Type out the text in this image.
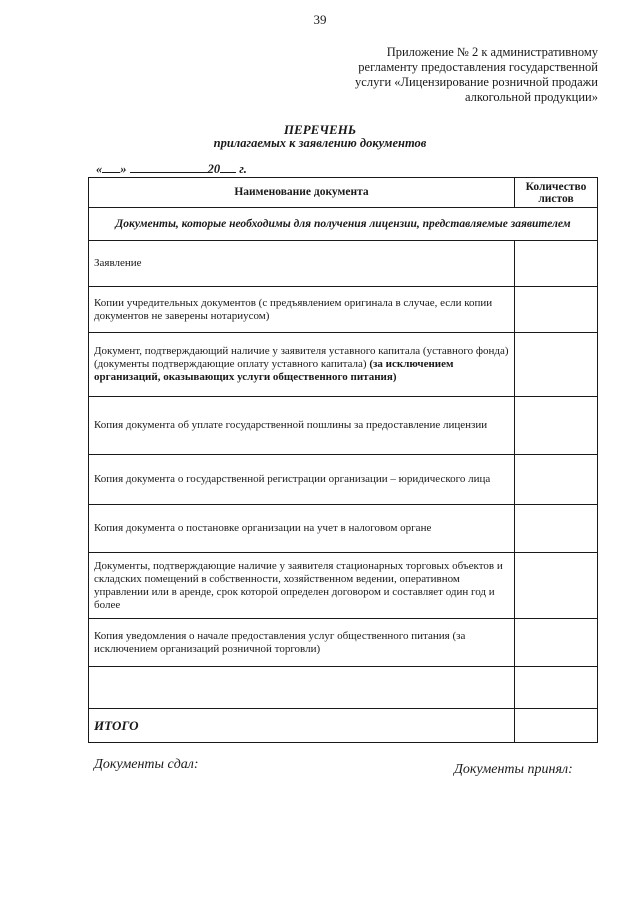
39
Приложение № 2 к административному
регламенту предоставления государственной
услуги «Лицензирование розничной продажи
алкогольной продукции»
ПЕРЕЧЕНЬ
прилагаемых к заявлению документов
« »	20 г.
Наименование документа	Количество листов
Документы, которые необходимы для получения лицензии, представляемые заявителем	
Заявление	
Копии учредительных документов (с предъявлением оригинала в случае, если копии документов не заверены нотариусом)	
Документ, подтверждающий наличие у заявителя уставного капитала (уставного фонда) (документы подтверждающие оплату уставного капитала) (за исключением организаций, оказывающих услуги общественного питания)	
Копия документа об уплате государственной пошлины за предоставление лицензии	
Копия документа о государственной регистрации организации – юридического лица	
Копия документа о постановке организации на учет в налоговом органе	
Документы, подтверждающие наличие у заявителя стационарных торговых объектов и складских помещений в собственности, хозяйственном ведении, оперативном управлении или в аренде, срок которой определен договором и составляет один год и более	
Копия уведомления о начале предоставления услуг общественного питания (за исключением организаций розничной торговли)	

ИТОГО	
Документы сдал:	Документы принял:
